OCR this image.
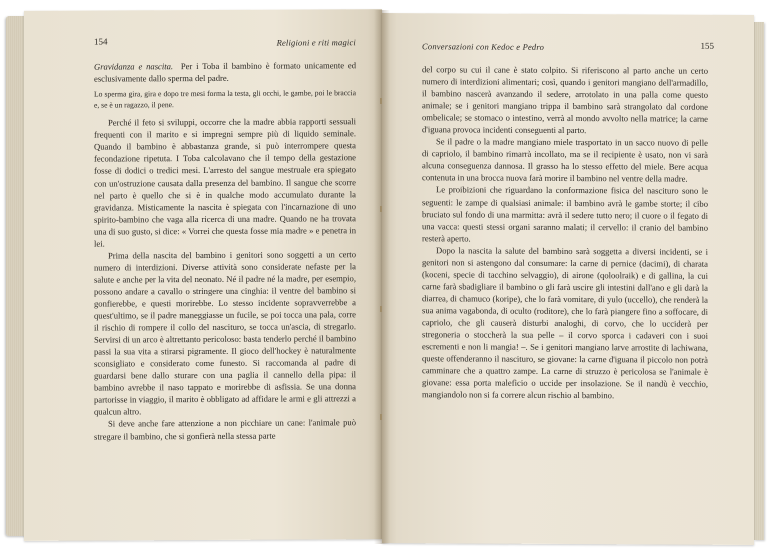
154	Religioni e riti magici

Gravidanza e nascita. Per i Toba il bambino è formato unicamente ed esclusivamente dallo sperma del padre.

Lo sperma gira, gira e dopo tre mesi forma la testa, gli occhi, le gambe, poi le braccia e, se è un ragazzo, il pene.

Perché il feto si sviluppi, occorre che la madre abbia rapporti sessuali frequenti con il marito e si impregni sempre più di liquido seminale. Quando il bambino è abbastanza grande, si può interrompere questa fecondazione ripetuta. I Toba calcolavano che il tempo della gestazione fosse di dodici o tredici mesi. L'arresto del sangue mestruale era spiegato con un'ostruzione causata dalla presenza del bambino. Il sangue che scorre nel parto è quello che si è in qualche modo accumulato durante la gravidanza. Misticamente la nascita è spiegata con l'incarnazione di uno spirito-bambino che vaga alla ricerca di una madre. Quando ne ha trovata una di suo gusto, si dice: « Vorrei che questa fosse mia madre » e penetra in lei.

Prima della nascita del bambino i genitori sono soggetti a un certo numero di interdizioni. Diverse attività sono considerate nefaste per la salute e anche per la vita del neonato. Né il padre né la madre, per esempio, possono andare a cavallo o stringere una cinghia: il ventre del bambino si gonfierebbe, e questi morirebbe. Lo stesso incidente sopravverrebbe a quest'ultimo, se il padre maneggiasse un fucile, se poi tocca una pala, corre il rischio di rompere il collo del nascituro, se tocca un'ascia, di stregarlo. Servirsi di un arco è altrettanto pericoloso: basta tenderlo perché il bambino passi la sua vita a stirarsi pigramente. Il gioco dell'hockey è naturalmente sconsigliato e considerato come funesto. Si raccomanda al padre di guardarsi bene dallo sturare con una paglia il cannello della pipa: il bambino avrebbe il naso tappato e morirebbe di asfissia. Se una donna partorisse in viaggio, il marito è obbligato ad affidare le armi e gli attrezzi a qualcun altro.

Si deve anche fare attenzione a non picchiare un cane: l'animale può stregare il bambino, che si gonfierà nella stessa parte

Conversazioni con Kedoc e Pedro	155

del corpo su cui il cane è stato colpito. Si riferiscono al parto anche un certo numero di interdizioni alimentari; così, quando i genitori mangiano dell'armadillo, il bambino nascerà avanzando il sedere, arrotolato in una palla come questo animale; se i genitori mangiano trippa il bambino sarà strangolato dal cordone ombelicale; se stomaco o intestino, verrà al mondo avvolto nella matrice; la carne d'iguana provoca incidenti conseguenti al parto.

Se il padre o la madre mangiano miele trasportato in un sacco nuovo di pelle di capriolo, il bambino rimarrà incollato, ma se il recipiente è usato, non vi sarà alcuna conseguenza dannosa. Il grasso ha lo stesso effetto del miele. Bere acqua contenuta in una brocca nuova farà morire il bambino nel ventre della madre.

Le proibizioni che riguardano la conformazione fisica del nascituro sono le seguenti: le zampe di qualsiasi animale: il bambino avrà le gambe storte; il cibo bruciato sul fondo di una marmitta: avrà il sedere tutto nero; il cuore o il fegato di una vacca: questi stessi organi saranno malati; il cervello: il cranio del bambino resterà aperto.

Dopo la nascita la salute del bambino sarà soggetta a diversi incidenti, se i genitori non si astengono dal consumare: la carne di pernice (dacimi), di charata (koceni, specie di tacchino selvaggio), di airone (qoloolraik) e di gallina, la cui carne farà sbadigliare il bambino o gli farà uscire gli intestini dall'ano e gli darà la diarrea, di chamuco (koripe), che lo farà vomitare, di yulo (uccello), che renderà la sua anima vagabonda, di oculto (roditore), che lo farà piangere fino a soffocare, di capriolo, che gli causerà disturbi analoghi, di corvo, che lo ucciderà per stregoneria o stoccherà la sua pelle – il corvo sporca i cadaveri con i suoi escrementi e non li mangia! –. Se i genitori mangiano larve arrostite di lachiwana, queste offenderanno il nascituro, se giovane: la carne d'iguana il piccolo non potrà camminare che a quattro zampe. La carne di struzzo è pericolosa se l'animale è giovane: essa porta malefìcio o uccide per insolazione. Se il nandù è vecchio, mangiandolo non si fa correre alcun rischio al bambino.
